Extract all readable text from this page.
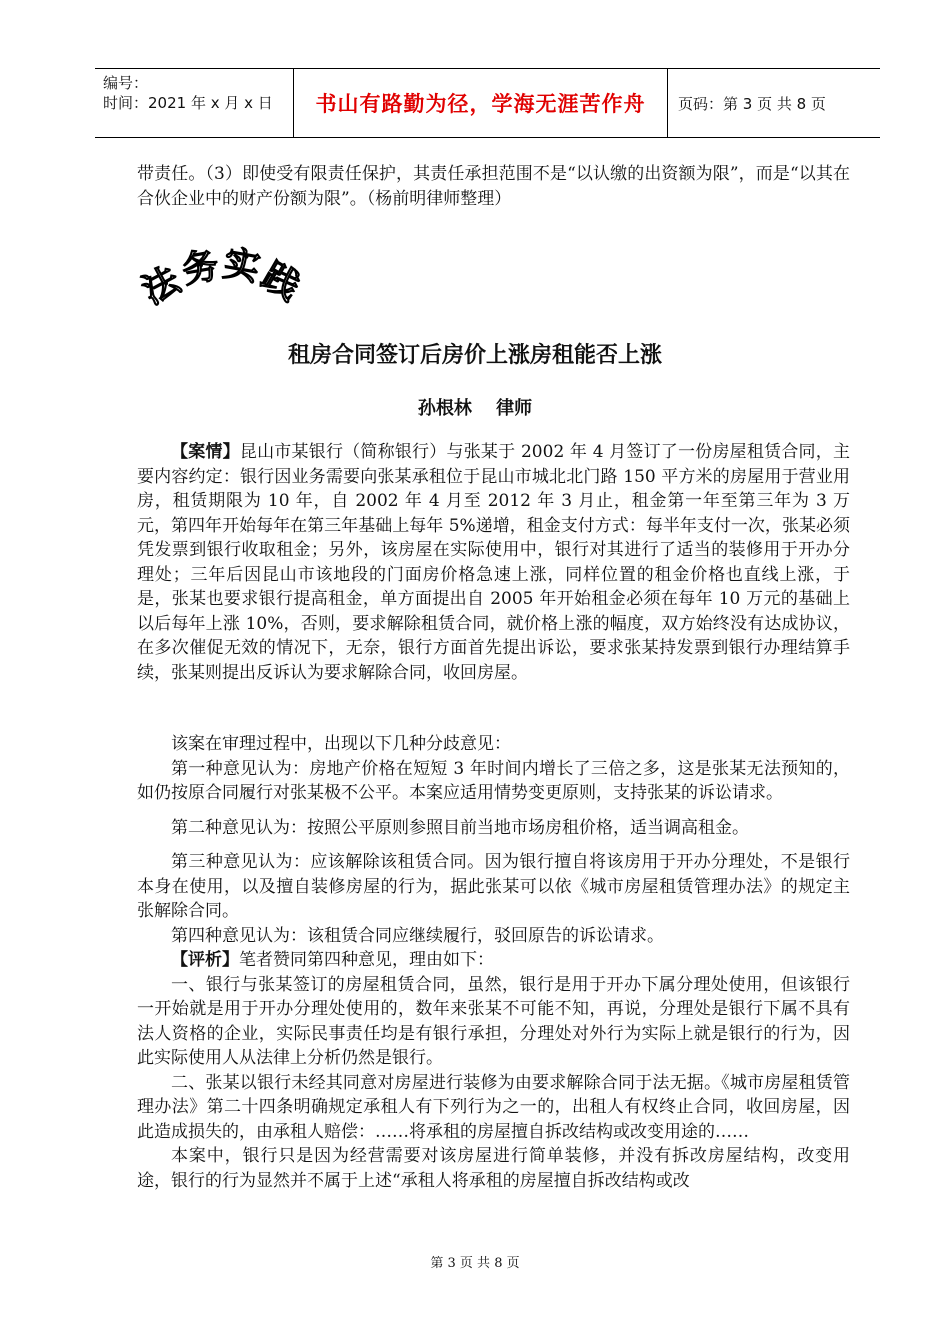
编号：
时间：2021 年 x 月 x 日	书山有路勤为径，学海无涯苦作舟	页码：第 3 页 共 8 页

带责任。（3）即使受有限责任保护，其责任承担范围不是“以认缴的出资额为限”，而是“以其在合伙企业中的财产份额为限”。（杨前明律师整理）

法
务
实
践
租房合同签订后房价上涨房租能否上涨
孙根林 律师

【案情】昆山市某银行（简称银行）与张某于 2002 年 4 月签订了一份房屋租赁合同，主要内容约定：银行因业务需要向张某承租位于昆山市城北北门路 150 平方米的房屋用于营业用房，租赁期限为 10 年，自 2002 年 4 月至 2012 年 3 月止，租金第一年至第三年为 3 万元，第四年开始每年在第三年基础上每年 5%递增，租金支付方式：每半年支付一次，张某必须凭发票到银行收取租金；另外，该房屋在实际使用中，银行对其进行了适当的装修用于开办分理处；三年后因昆山市该地段的门面房价格急速上涨，同样位置的租金价格也直线上涨，于是，张某也要求银行提高租金，单方面提出自 2005 年开始租金必须在每年 10 万元的基础上以后每年上涨 10%，否则，要求解除租赁合同，就价格上涨的幅度，双方始终没有达成协议，在多次催促无效的情况下，无奈，银行方面首先提出诉讼，要求张某持发票到银行办理结算手续，张某则提出反诉认为要求解除合同，收回房屋。

该案在审理过程中，出现以下几种分歧意见：

第一种意见认为：房地产价格在短短 3 年时间内增长了三倍之多，这是张某无法预知的，如仍按原合同履行对张某极不公平。本案应适用情势变更原则，支持张某的诉讼请求。

第二种意见认为：按照公平原则参照目前当地市场房租价格，适当调高租金。

第三种意见认为：应该解除该租赁合同。因为银行擅自将该房用于开办分理处，不是银行本身在使用，以及擅自装修房屋的行为，据此张某可以依《城市房屋租赁管理办法》的规定主张解除合同。

第四种意见认为：该租赁合同应继续履行，驳回原告的诉讼请求。

【评析】笔者赞同第四种意见，理由如下：

一、银行与张某签订的房屋租赁合同，虽然，银行是用于开办下属分理处使用，但该银行一开始就是用于开办分理处使用的，数年来张某不可能不知，再说，分理处是银行下属不具有法人资格的企业，实际民事责任均是有银行承担，分理处对外行为实际上就是银行的行为，因此实际使用人从法律上分析仍然是银行。

二、张某以银行未经其同意对房屋进行装修为由要求解除合同于法无据。《城市房屋租赁管理办法》第二十四条明确规定承租人有下列行为之一的，出租人有权终止合同，收回房屋，因此造成损失的，由承租人赔偿：……将承租的房屋擅自拆改结构或改变用途的……

本案中，银行只是因为经营需要对该房屋进行简单装修，并没有拆改房屋结构，改变用途，银行的行为显然并不属于上述“承租人将承租的房屋擅自拆改结构或改

第 3 页 共 8 页
